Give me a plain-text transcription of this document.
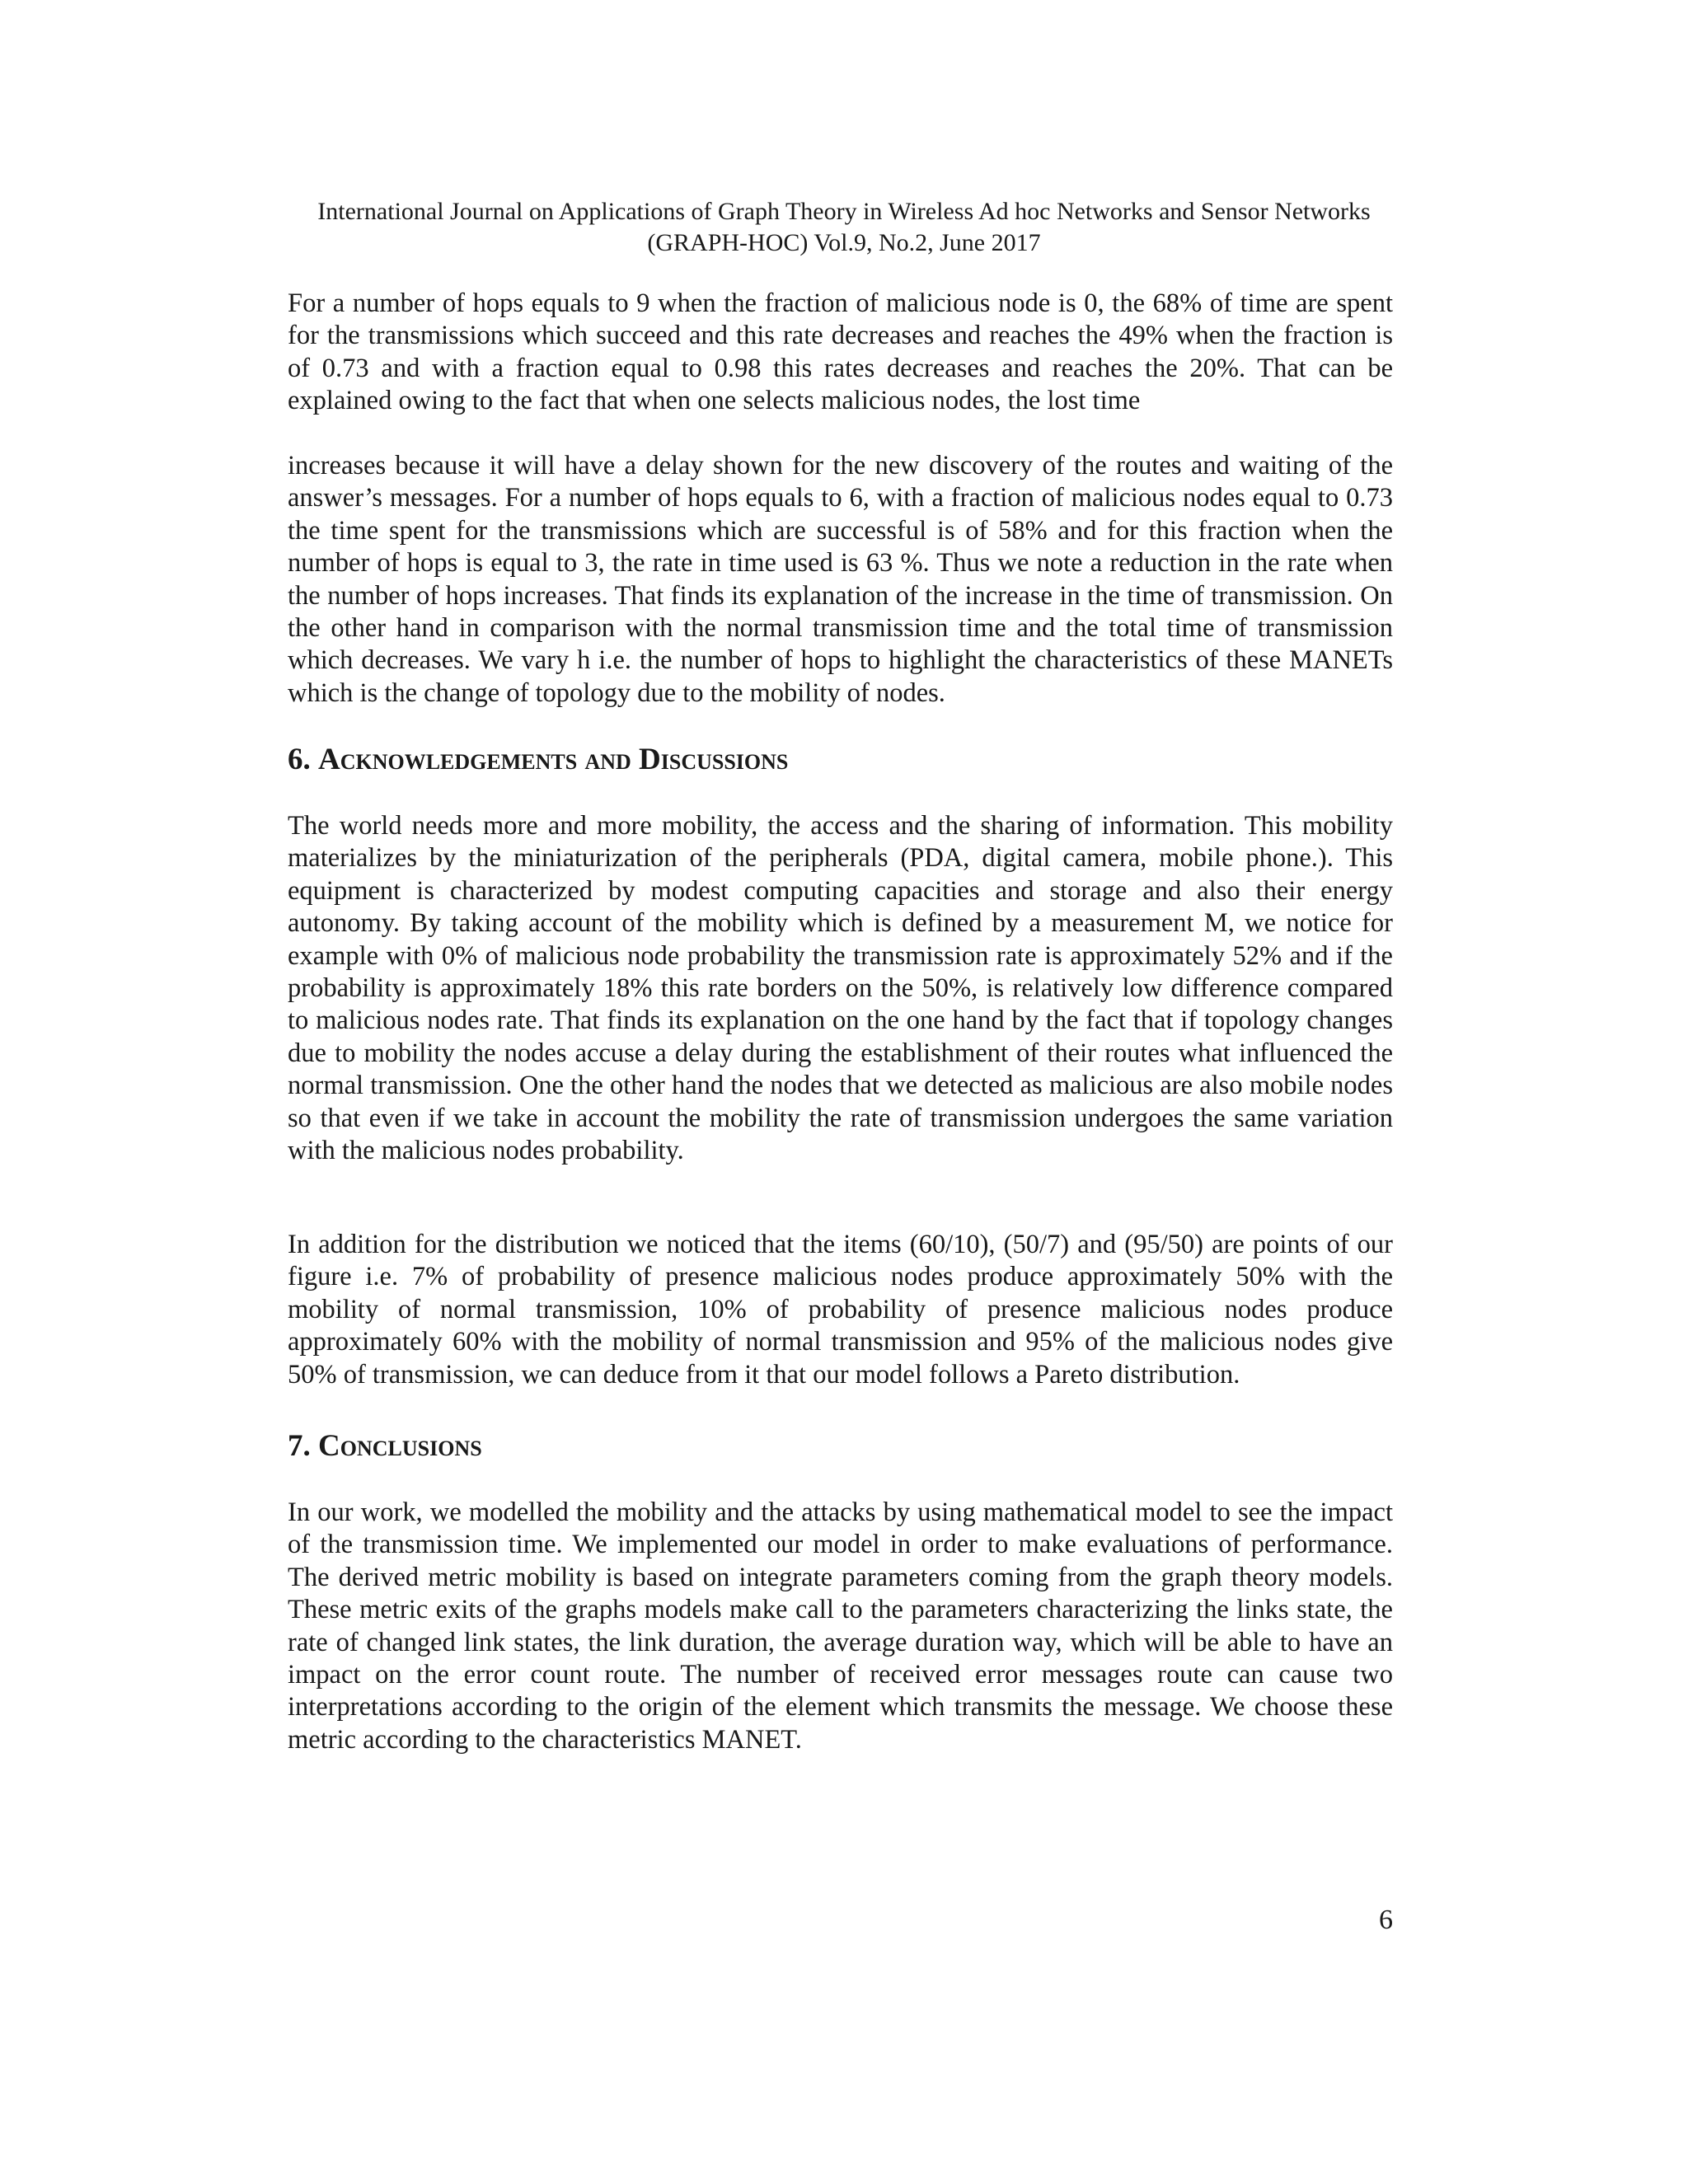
International Journal on Applications of Graph Theory in Wireless Ad hoc Networks and Sensor Networks
(GRAPH-HOC) Vol.9, No.2, June 2017

For a number of hops equals to 9 when the fraction of malicious node is 0, the 68% of time are spent for the transmissions which succeed and this rate decreases and reaches the 49% when the fraction is of 0.73 and with a fraction equal to 0.98 this rates decreases and reaches the 20%. That can be explained owing to the fact that when one selects malicious nodes, the lost time

increases because it will have a delay shown for the new discovery of the routes and waiting of the answer’s messages. For a number of hops equals to 6, with a fraction of malicious nodes equal to 0.73 the time spent for the transmissions which are successful is of 58% and for this fraction when the number of hops is equal to 3, the rate in time used is 63 %. Thus we note a reduction in the rate when the number of hops increases. That finds its explanation of the increase in the time of transmission. On the other hand in comparison with the normal transmission time and the total time of transmission which decreases. We vary h i.e. the number of hops to highlight the characteristics of these MANETs which is the change of topology due to the mobility of nodes.

6. Acknowledgements and Discussions

The world needs more and more mobility, the access and the sharing of information. This mobility materializes by the miniaturization of the peripherals (PDA, digital camera, mobile phone.). This equipment is characterized by modest computing capacities and storage and also their energy autonomy. By taking account of the mobility which is defined by a measurement M, we notice for example with 0% of malicious node probability the transmission rate is approximately 52% and if the probability is approximately 18% this rate borders on the 50%, is relatively low difference compared to malicious nodes rate. That finds its explanation on the one hand by the fact that if topology changes due to mobility the nodes accuse a delay during the establishment of their routes what influenced the normal transmission. One the other hand the nodes that we detected as malicious are also mobile nodes so that even if we take in account the mobility the rate of transmission undergoes the same variation with the malicious nodes probability.

In addition for the distribution we noticed that the items (60/10), (50/7) and (95/50) are points of our figure i.e. 7% of probability of presence malicious nodes produce approximately 50% with the mobility of normal transmission, 10% of probability of presence malicious nodes produce approximately 60% with the mobility of normal transmission and 95% of the malicious nodes give 50% of transmission, we can deduce from it that our model follows a Pareto distribution.

7. Conclusions

In our work, we modelled the mobility and the attacks by using mathematical model to see the impact of the transmission time. We implemented our model in order to make evaluations of performance. The derived metric mobility is based on integrate parameters coming from the graph theory models. These metric exits of the graphs models make call to the parameters characterizing the links state, the rate of changed link states, the link duration, the average duration way, which will be able to have an impact on the error count route. The number of received error messages route can cause two interpretations according to the origin of the element which transmits the message. We choose these metric according to the characteristics MANET.

6
